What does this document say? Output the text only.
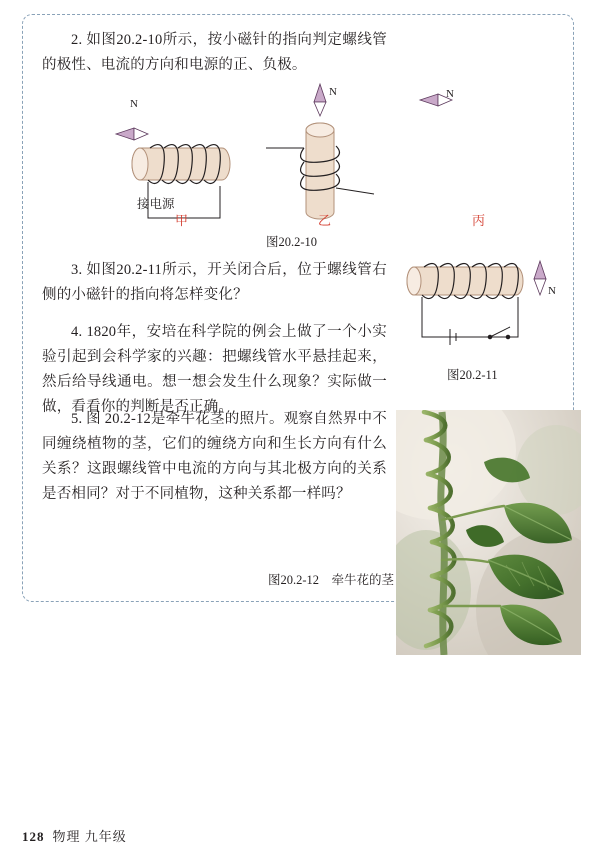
2. 如图20.2-10所示，按小磁针的指向判定螺线管的极性、电流的方向和电源的正、负极。
N
接电源
甲
N
乙
N
丙
图20.2-10
3. 如图20.2-11所示，开关闭合后，位于螺线管右侧的小磁针的指向将怎样变化？	N
图20.2-11
4. 1820年，安培在科学院的例会上做了一个小实验引起到会科学家的兴趣：把螺线管水平悬挂起来，然后给导线通电。想一想会发生什么现象？实际做一做，看看你的判断是否正确。
5. 图 20.2-12是牵牛花茎的照片。观察自然界中不同缠绕植物的茎，它们的缠绕方向和生长方向有什么关系？这跟螺线管中电流的方向与其北极方向的关系是否相同？对于不同植物，这种关系都一样吗？
图20.2-12　牵牛花的茎
128 物理 九年级
